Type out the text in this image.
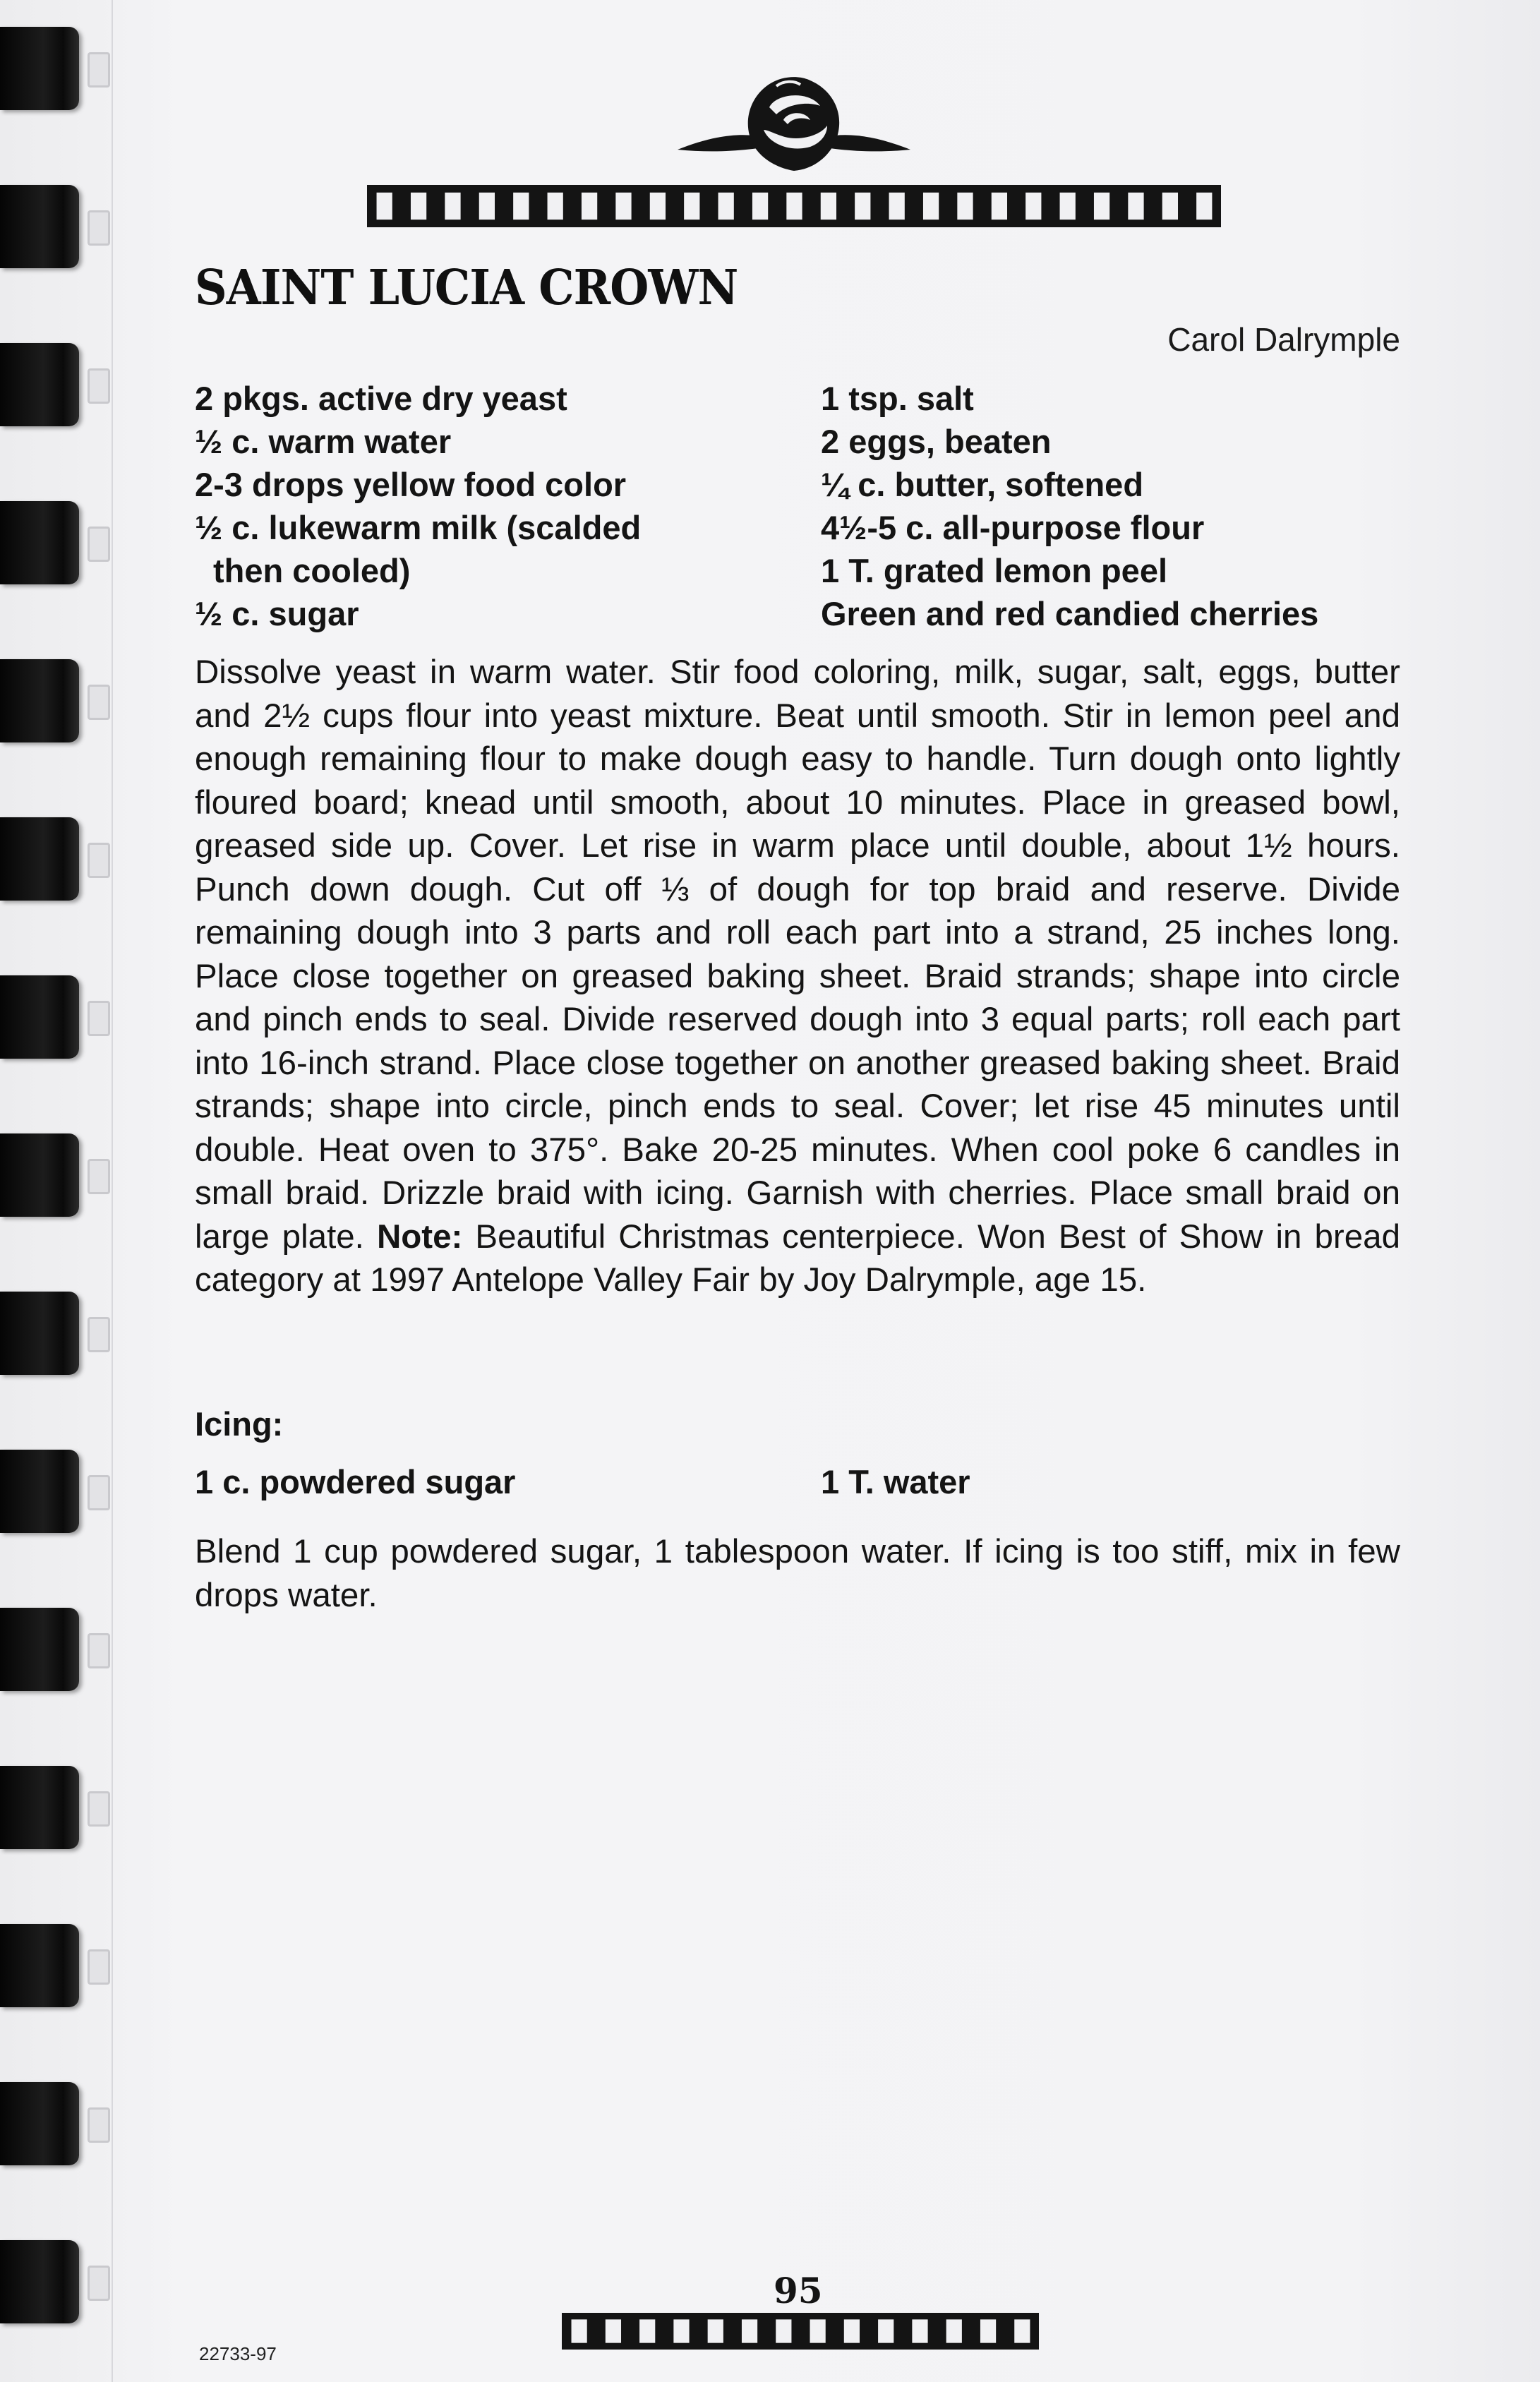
SAINT LUCIA CROWN
Carol Dalrymple
2 pkgs. active dry yeast
½ c. warm water
2-3 drops yellow food color
½ c. lukewarm milk (scalded
then cooled)
½ c. sugar
1 tsp. salt
2 eggs, beaten
¼ c. butter, softened
4½-5 c. all-purpose flour
1 T. grated lemon peel
Green and red candied cherries
Dissolve yeast in warm water. Stir food coloring, milk, sugar, salt, eggs, butter and 2½ cups flour into yeast mixture. Beat until smooth. Stir in lemon peel and enough remaining flour to make dough easy to handle. Turn dough onto lightly floured board; knead until smooth, about 10 minutes. Place in greased bowl, greased side up. Cover. Let rise in warm place until double, about 1½ hours. Punch down dough. Cut off ⅓ of dough for top braid and reserve. Divide remaining dough into 3 parts and roll each part into a strand, 25 inches long. Place close together on greased baking sheet. Braid strands; shape into circle and pinch ends to seal. Divide reserved dough into 3 equal parts; roll each part into 16-inch strand. Place close together on another greased baking sheet. Braid strands; shape into circle, pinch ends to seal. Cover; let rise 45 minutes until double. Heat oven to 375°. Bake 20-25 minutes. When cool poke 6 candles in small braid. Drizzle braid with icing. Garnish with cherries. Place small braid on large plate. Note: Beautiful Christmas centerpiece. Won Best of Show in bread category at 1997 Antelope Valley Fair by Joy Dalrymple, age 15.
Icing:
1 c. powdered sugar	1 T. water
Blend 1 cup powdered sugar, 1 tablespoon water. If icing is too stiff, mix in few drops water.
95
22733-97
